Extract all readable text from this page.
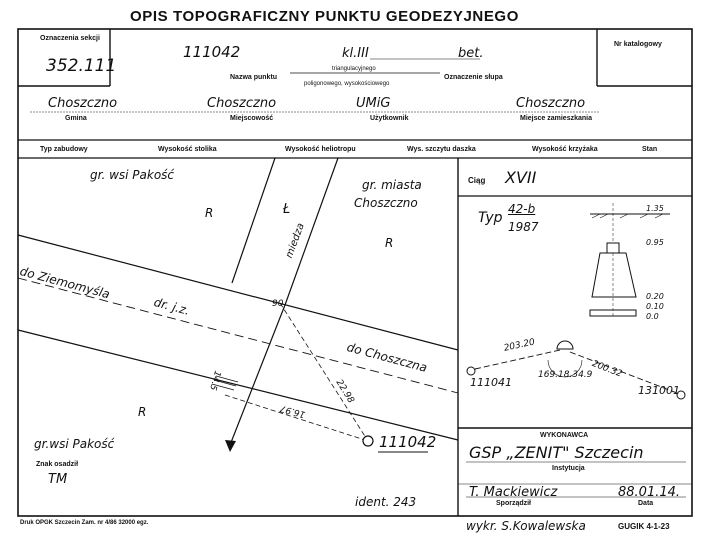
OPIS TOPOGRAFICZNY PUNKTU GEODEZYJNEGO
Oznaczenia sekcji
352.111
Nr katalogowy
111042	kl.III	bet.
Nazwa punktu
triangulacyjnego
poligonowego, wysokościowego
Oznaczenie słupa
Choszczno	Choszczno	UMiG	Choszczno
Gmina	Miejscowość	Użytkownik	Miejsce zamieszkania
Typ zabudowy	Wysokość stolika	Wysokość heliotropu	Wys. szczytu daszka	Wysokość krzyżaka	Stan
gr. wsi Pakość
gr. miasta
Choszczno
R
R
R
Ł
miedza
do Ziemomyśla
dr. j.z.
do Choszczna
90
14.5	22.98
16.97
111042
gr.wsi Pakość
Znak osadził
TM
ident. 243
Ciąg XVII
Typ
42-b
1987
1.35
0.95
0.20
0.10
0.0
111041
131001
203.20
200.32
169.18.34.9
WYKONAWCA
GSP „ZENIT" Szczecin
Instytucja
T. Mackiewicz	88.01.14.
Sporządził	Data
Druk OPGK Szczecin Zam. nr 4/86 32000 egz.	wykr. S.Kowalewska	GUGIK 4-1-23
